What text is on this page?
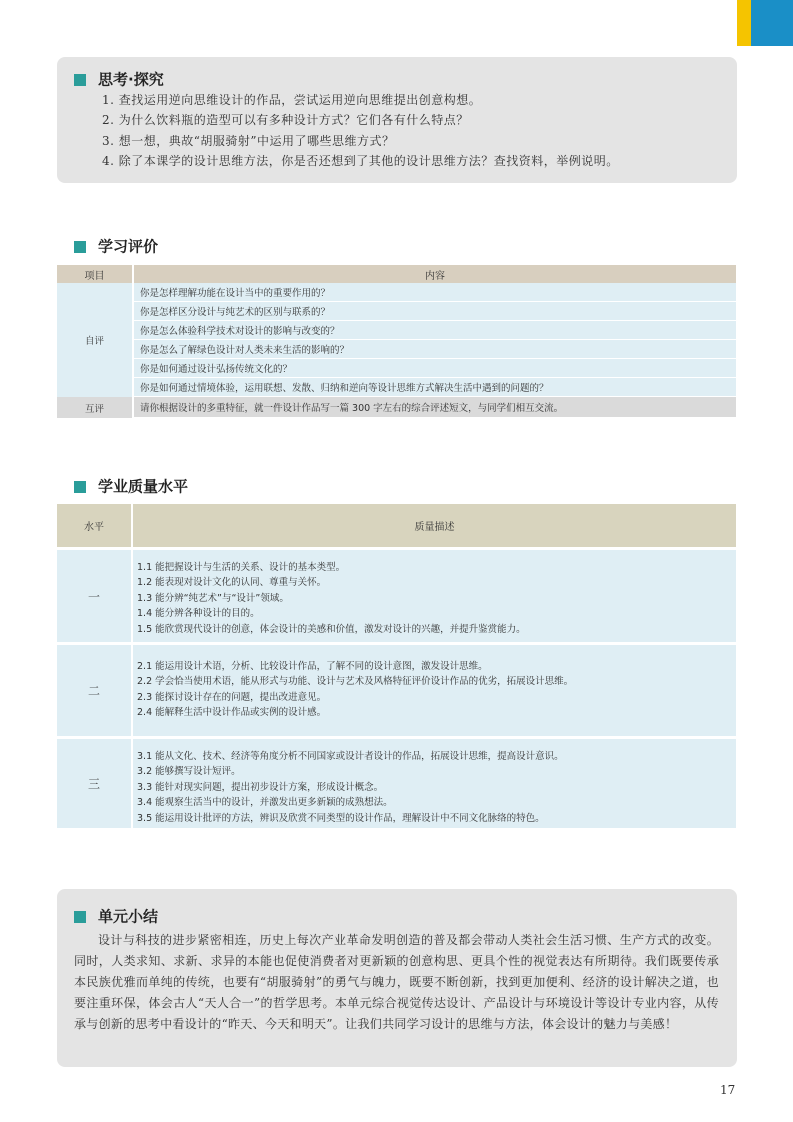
思考·探究
1. 查找运用逆向思维设计的作品，尝试运用逆向思维提出创意构想。
2. 为什么饮料瓶的造型可以有多种设计方式？它们各有什么特点？
3. 想一想，典故“胡服骑射”中运用了哪些思维方式？
4. 除了本课学的设计思维方法，你是否还想到了其他的设计思维方法？查找资料，举例说明。
学习评价
项目	内容
自评	你是怎样理解功能在设计当中的重要作用的？
	你是怎样区分设计与纯艺术的区别与联系的？
	你是怎么体验科学技术对设计的影响与改变的？
	你是怎么了解绿色设计对人类未来生活的影响的？
	你是如何通过设计弘扬传统文化的？
	你是如何通过情境体验，运用联想、发散、归纳和逆向等设计思维方式解决生活中遇到的问题的？
互评	请你根据设计的多重特征，就一件设计作品写一篇 300 字左右的综合评述短文，与同学们相互交流。
学业质量水平
水平	质量描述
一	1.1 能把握设计与生活的关系、设计的基本类型。
1.2 能表现对设计文化的认同、尊重与关怀。
1.3 能分辨“纯艺术”与“设计”领域。
1.4 能分辨各种设计的目的。
1.5 能欣赏现代设计的创意，体会设计的美感和价值，激发对设计的兴趣，并提升鉴赏能力。

二	2.1 能运用设计术语，分析、比较设计作品，了解不同的设计意图，激发设计思维。
2.2 学会恰当使用术语，能从形式与功能、设计与艺术及风格特征评价设计作品的优劣，拓展设计思维。
2.3 能探讨设计存在的问题，提出改进意见。
2.4 能解释生活中设计作品或实例的设计感。

三	3.1 能从文化、技术、经济等角度分析不同国家或设计者设计的作品，拓展设计思维，提高设计意识。
3.2 能够撰写设计短评。
3.3 能针对现实问题，提出初步设计方案，形成设计概念。
3.4 能观察生活当中的设计，并激发出更多新颖的成熟想法。
3.5 能运用设计批评的方法，辨识及欣赏不同类型的设计作品，理解设计中不同文化脉络的特色。
单元小结
设计与科技的进步紧密相连，历史上每次产业革命发明创造的普及都会带动人类社会生活习惯、生产方式的改变。同时，人类求知、求新、求异的本能也促使消费者对更新颖的创意构思、更具个性的视觉表达有所期待。我们既要传承本民族优雅而单纯的传统，也要有“胡服骑射”的勇气与魄力，既要不断创新，找到更加便利、经济的设计解决之道，也要注重环保，体会古人“天人合一”的哲学思考。本单元综合视觉传达设计、产品设计与环境设计等设计专业内容，从传承与创新的思考中看设计的“昨天、今天和明天”。让我们共同学习设计的思维与方法，体会设计的魅力与美感！
17
